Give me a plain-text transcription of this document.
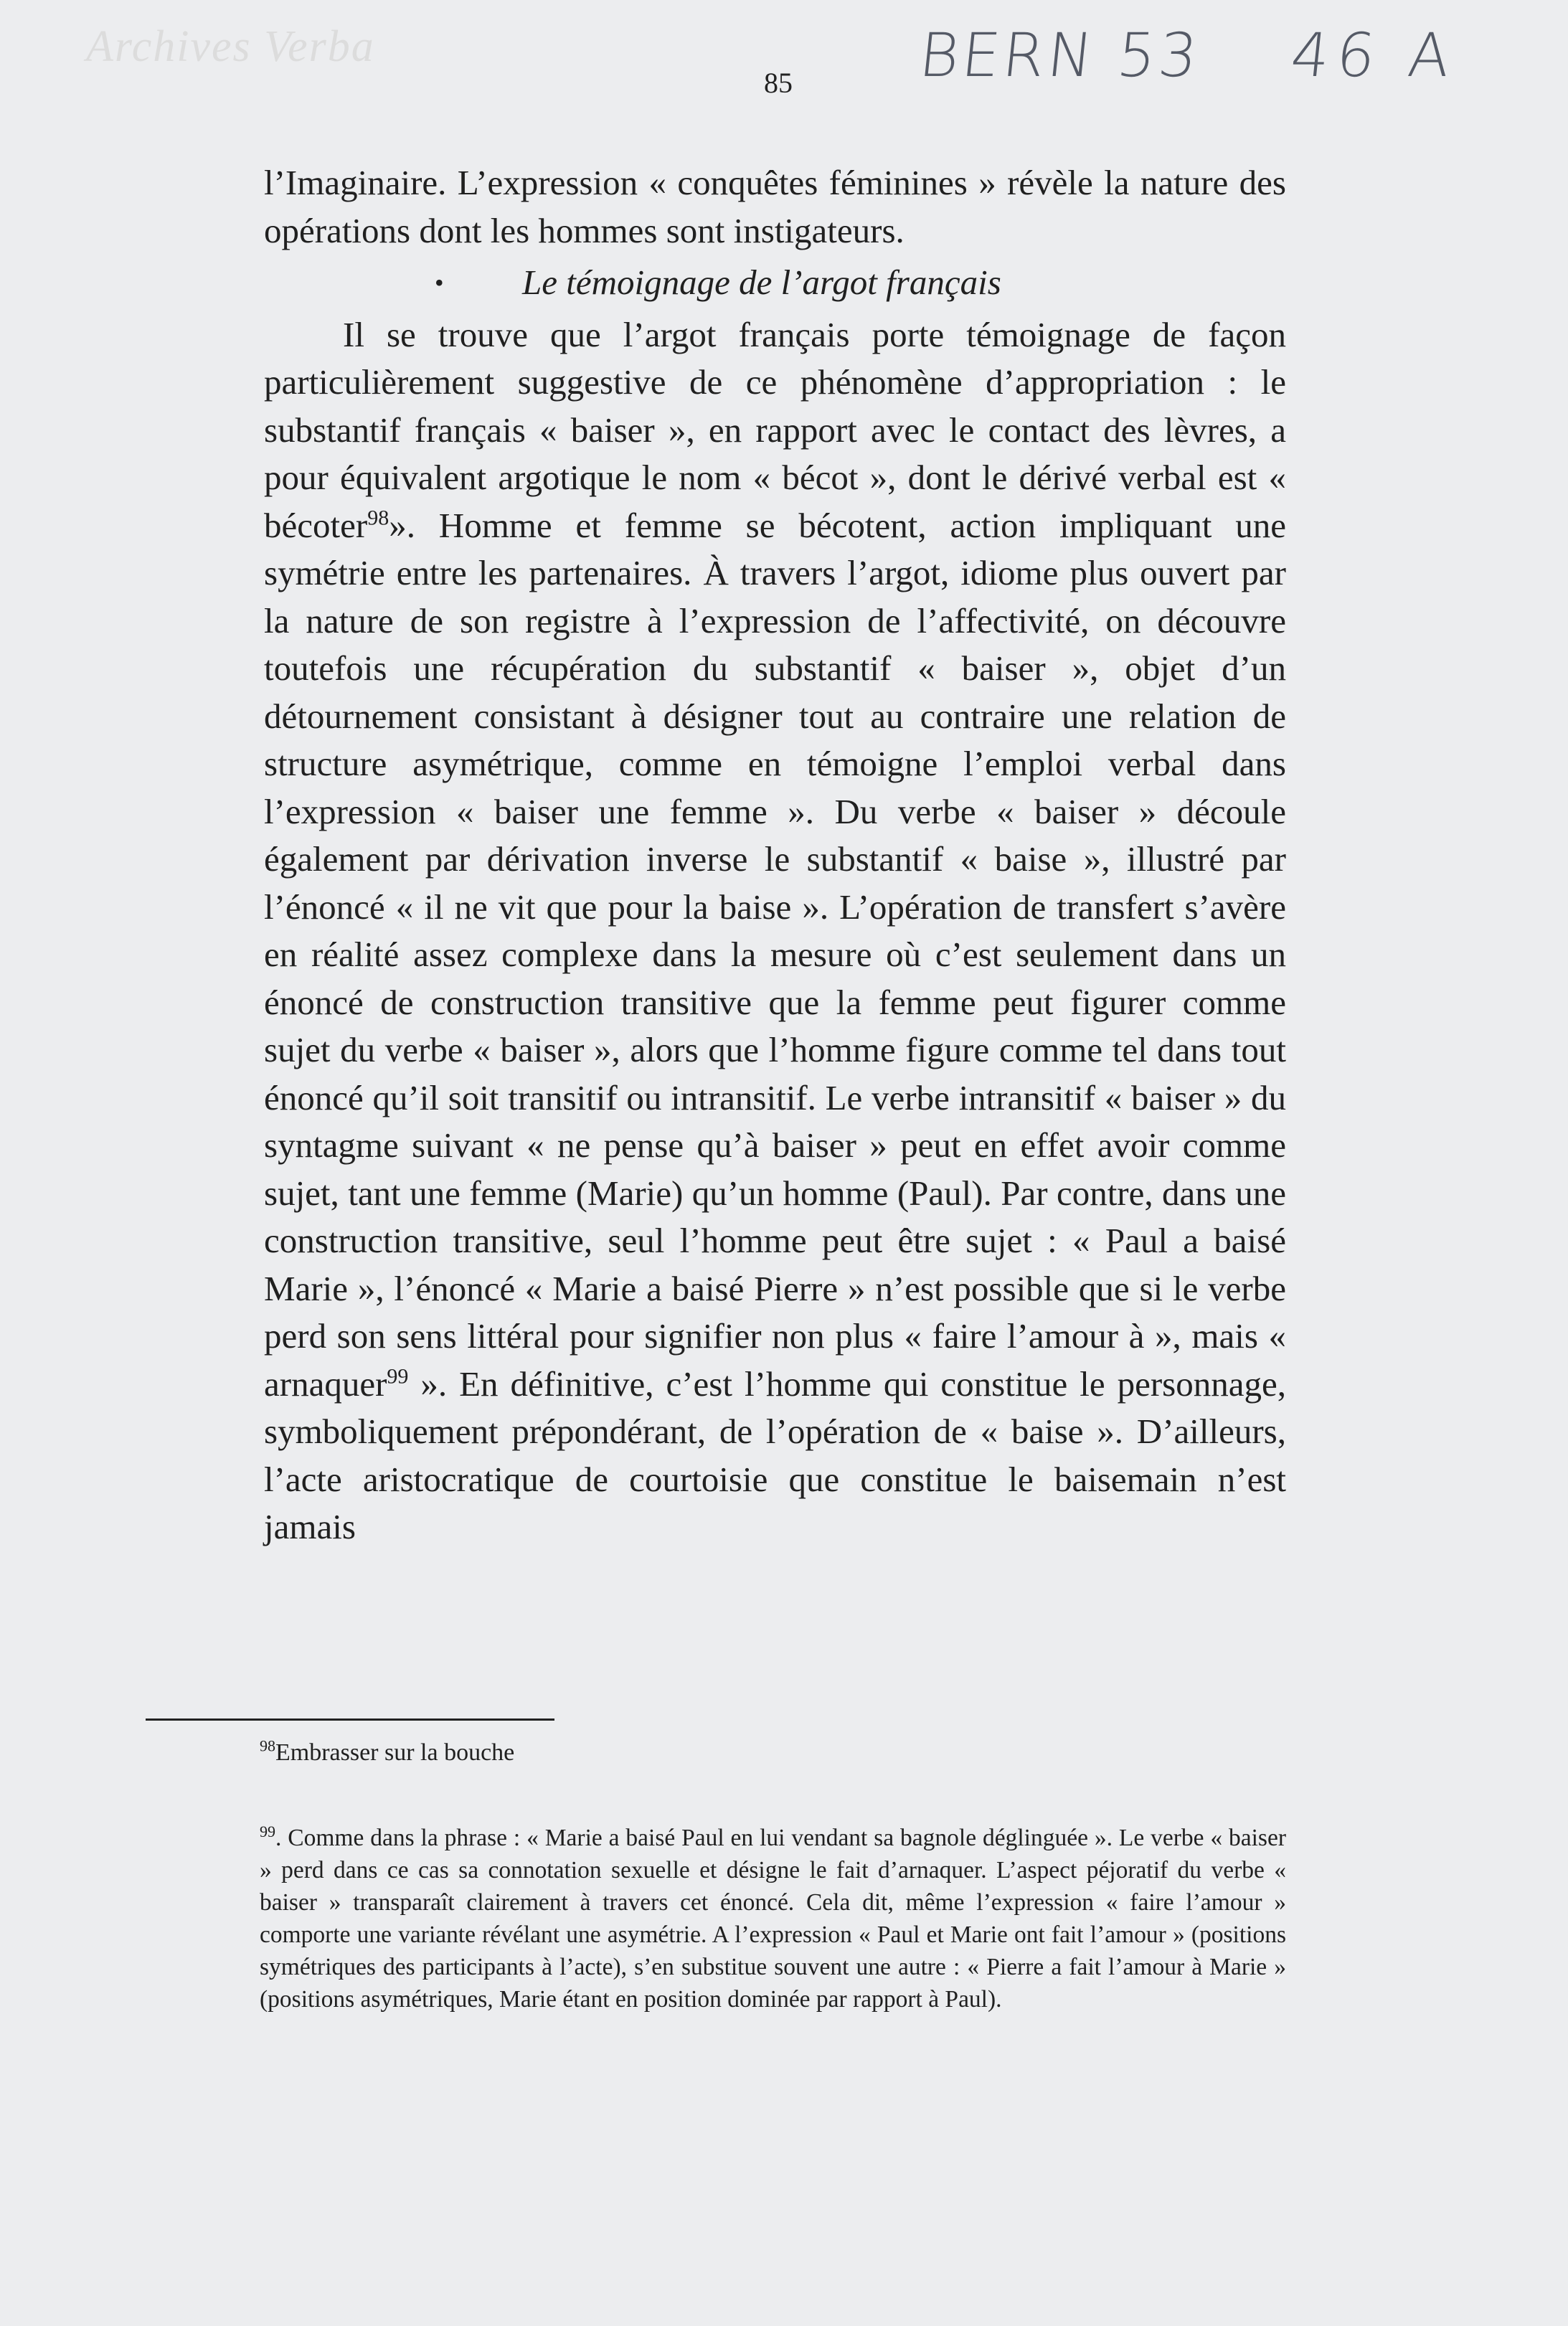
Archives Verba	BERN 53 46 A
85

l’Imaginaire. L’expression « conquêtes féminines » révèle la nature des opérations dont les hommes sont instigateurs.

• Le témoignage de l’argot français

Il se trouve que l’argot français porte témoignage de façon particulièrement suggestive de ce phénomène d’appropriation : le substantif français « baiser », en rapport avec le contact des lèvres, a pour équivalent argotique le nom « bécot », dont le dérivé verbal est « bécoter$^{98}$». Homme et femme se bécotent, action impliquant une symétrie entre les partenaires. À travers l’argot, idiome plus ouvert par la nature de son registre à l’expression de l’affectivité, on découvre toutefois une récupération du substantif « baiser », objet d’un détournement consistant à désigner tout au contraire une relation de structure asymétrique, comme en témoigne l’emploi verbal dans l’expression « baiser une femme ». Du verbe « baiser » découle également par dérivation inverse le substantif « baise », illustré par l’énoncé « il ne vit que pour la baise ». L’opération de transfert s’avère en réalité assez complexe dans la mesure où c’est seulement dans un énoncé de construction transitive que la femme peut figurer comme sujet du verbe « baiser », alors que l’homme figure comme tel dans tout énoncé qu’il soit transitif ou intransitif. Le verbe intransitif « baiser » du syntagme suivant « ne pense qu’à baiser » peut en effet avoir comme sujet, tant une femme (Marie) qu’un homme (Paul). Par contre, dans une construction transitive, seul l’homme peut être sujet : « Paul a baisé Marie », l’énoncé « Marie a baisé Pierre » n’est possible que si le verbe perd son sens littéral pour signifier non plus « faire l’amour à », mais « arnaquer$^{99}$ ». En définitive, c’est l’homme qui constitue le personnage, symboliquement prépondérant, de l’opération de « baise ». D’ailleurs, l’acte aristocratique de courtoisie que constitue le baisemain n’est jamais

$^{98}$Embrasser sur la bouche

$^{99}$. Comme dans la phrase : « Marie a baisé Paul en lui vendant sa bagnole déglinguée ». Le verbe « baiser » perd dans ce cas sa connotation sexuelle et désigne le fait d’arnaquer. L’aspect péjoratif du verbe « baiser » transparaît clairement à travers cet énoncé. Cela dit, même l’expression « faire l’amour » comporte une variante révélant une asymétrie. A l’expression « Paul et Marie ont fait l’amour » (positions symétriques des participants à l’acte), s’en substitue souvent une autre : « Pierre a fait l’amour à Marie » (positions asymétriques, Marie étant en position dominée par rapport à Paul).
